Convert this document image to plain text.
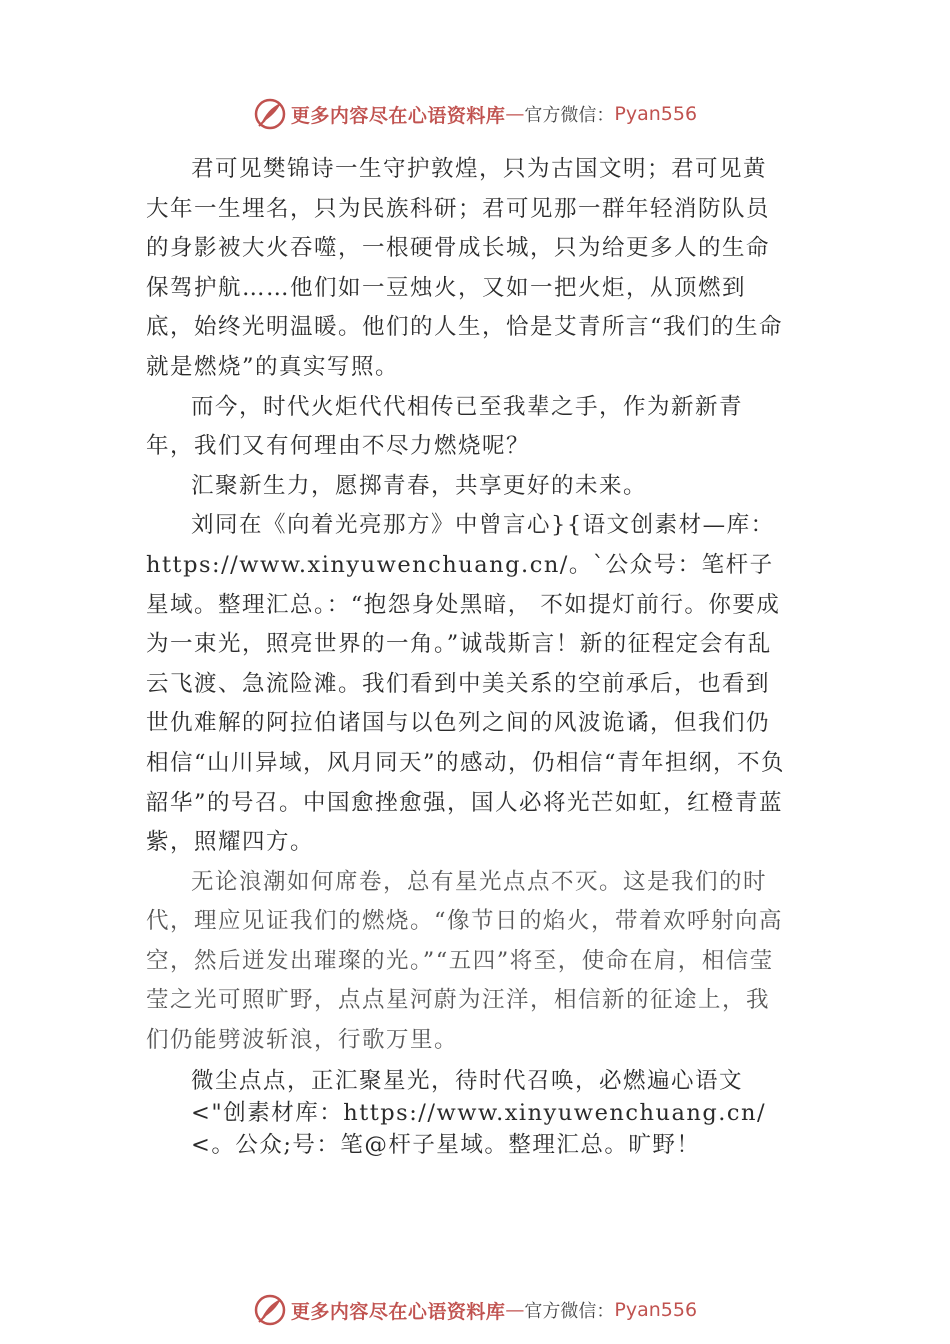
更多内容尽在心语资料库 — 官方微信： Pyan556

君可见樊锦诗一生守护敦煌，只为古国文明；君可见黄大年一生埋名，只为民族科研；君可见那一群年轻消防队员的身影被大火吞噬，一根硬骨成长城，只为给更多人的生命保驾护航……他们如一豆烛火，又如一把火炬，从顶燃到底，始终光明温暖。他们的人生，恰是艾青所言“我们的生命就是燃烧”的真实写照。

而今，时代火炬代代相传已至我辈之手，作为新新青年，我们又有何理由不尽力燃烧呢？

汇聚新生力，愿掷青春，共享更好的未来。

刘同在《向着光亮那方》中曾言心}{语文创素材—库：https://www.xinyuwenchuang.cn/。`公众号：笔杆子星域。整理汇总。：“抱怨身处黑暗， 不如提灯前行。你要成为一束光，照亮世界的一角。”诚哉斯言！新的征程定会有乱云飞渡、急流险滩。我们看到中美关系的空前承后，也看到世仇难解的阿拉伯诸国与以色列之间的风波诡谲，但我们仍相信“山川异域，风月同天”的感动，仍相信“青年担纲，不负韶华”的号召。中国愈挫愈强，国人必将光芒如虹，红橙青蓝紫，照耀四方。

无论浪潮如何席卷，总有星光点点不灭。这是我们的时代，理应见证我们的燃烧。“像节日的焰火，带着欢呼射向高空，然后迸发出璀璨的光。”“五四”将至，使命在肩，相信莹莹之光可照旷野，点点星河蔚为汪洋，相信新的征途上，我们仍能劈波斩浪，行歌万里。

微尘点点，正汇聚星光，待时代召唤，必燃遍心语文<"创素材库：https://www.xinyuwenchuang.cn/<。公众;号：笔@杆子星域。整理汇总。旷野！

更多内容尽在心语资料库 — 官方微信： Pyan556
